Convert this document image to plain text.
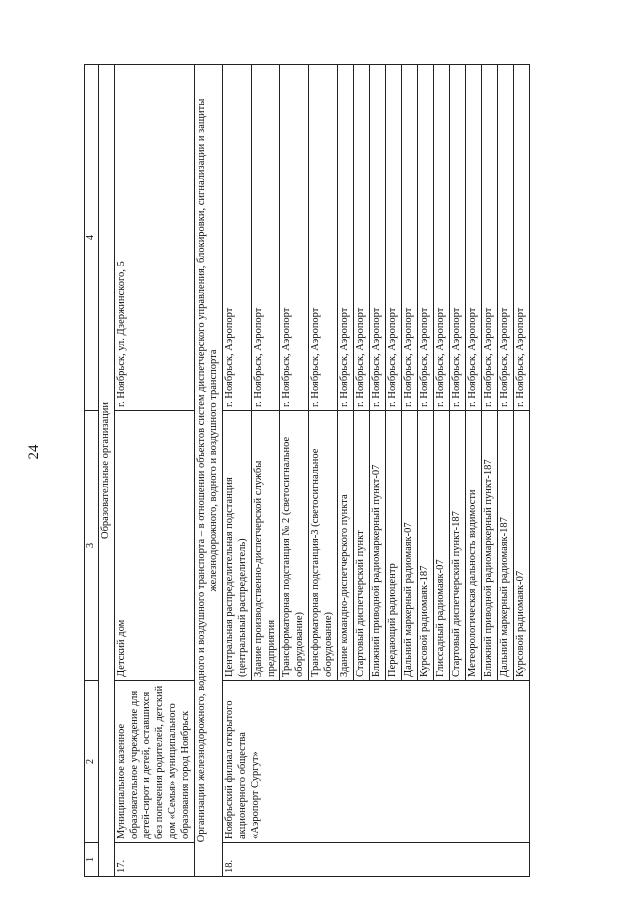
24
1	2	3	4
Образовательные организации			
17.	Муниципальное казенное образовательное учреждение для детей-сирот и детей, оставшихся без попечения родителей, детский дом «Семья» муниципального образования город Ноябрьск	Детский дом	г. Ноябрьск, ул. Дзержинского, 5
Организации железнодорожного, водного и воздушного транспорта – в отношении объектов систем диспетчерского управления, блокировки, сигнализации и защиты железнодорожного, водного и воздушного транспорта			
18.	Ноябрьский филиал открытого акционерного общества «Аэропорт Сургут»	Центральная распределительная подстанция (центральный распределитель)	г. Ноябрьск, Аэропорт
		Здание производственно-диспетчерской службы предприятия	г. Ноябрьск, Аэропорт
		Трансформаторная подстанция № 2 (светосигнальное оборудование)	г. Ноябрьск, Аэропорт
		Трансформаторная подстанция-3 (светосигнальное оборудование)	г. Ноябрьск, Аэропорт
		Здание командно-диспетчерского пункта	г. Ноябрьск, Аэропорт
		Стартовый диспетчерский пункт	г. Ноябрьск, Аэропорт
		Ближний приводной радиомаркерный пункт-07	г. Ноябрьск, Аэропорт
		Передающий радиоцентр	г. Ноябрьск, Аэропорт
		Дальний маркерный радиомаяк-07	г. Ноябрьск, Аэропорт
		Курсовой радиомаяк-187	г. Ноябрьск, Аэропорт
		Глиссадный радиомаяк-07	г. Ноябрьск, Аэропорт
		Стартовый диспетчерский пункт-187	г. Ноябрьск, Аэропорт
		Метеорологическая дальность видимости	г. Ноябрьск, Аэропорт
		Ближний приводной радиомаркерный пункт-187	г. Ноябрьск, Аэропорт
		Дальний маркерный радиомаяк-187	г. Ноябрьск, Аэропорт
		Курсовой радиомаяк-07	г. Ноябрьск, Аэропорт
